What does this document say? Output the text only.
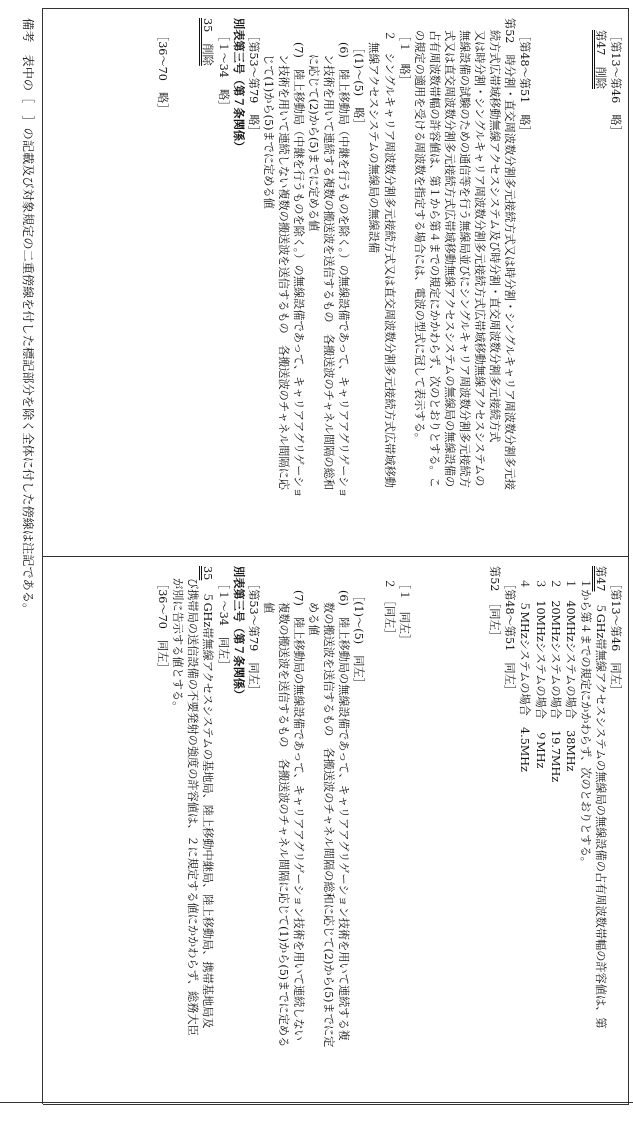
［第13～第46　略］
第47　削除
［第48～第51　略］
第52　時分割・直交周波数分割多元接続方式又は時分割・シングルキャリア周波数分割多元接
続方式広帯域移動無線アクセスシステム及び時分割・直交周波数分割多元接続方式
又は時分割・シングルキャリア周波数分割多元接続方式広帯域移動無線アクセスシステムの
無線設備の試験のための通信等を行う無線局並びにシングルキャリア周波数分割多元接続方
式又は直交周波数分割多元接続方式広帯域移動無線アクセスシステムの無線局の無線設備の
占有周波数帯幅の許容値は、第１から第４までの規定にかかわらず、次のとおりとする。こ
の規定の適用を受ける周波数を指定する場合には、電波の型式に冠して表示する。
［１　略］
２　シングルキャリア周波数分割多元接続方式又は直交周波数分割多元接続方式広帯域移動
無線アクセスシステムの無線局の無線設備
［(1)～(5)　略］
(6)　陸上移動局（中継を行うものを除く。）の無線設備であって、キャリアアグリゲーショ
ン技術を用いて連続する複数の搬送波を送信するもの　各搬送波のチャネル間隔の総和
に応じて(2)から(5)までに定める値
(7)　陸上移動局（中継を行うものを除く。）の無線設備であって、キャリアアグリゲーショ
ン技術を用いて連続しない複数の搬送波を送信するもの　各搬送波のチャネル間隔に応
じて(1)から(5)までに定める値
［第53～第79　略］
別表第三号（第７条関係）
［１～34　略］
35　削除
［36～70　略］
［第13～第46　同左］
第47　５GHz帯無線アクセスシステムの無線局の無線設備の占有周波数帯幅の許容値は、第
１から第４までの規定にかかわらず、次のとおりとする。
１　40MHzシステムの場合　38MHz
２　20MHzシステムの場合　19.7MHz
３　10MHzシステムの場合　９MHz
４　５MHzシステムの場合　4.5MHz
［第48～第51　同左］
第52　［同左］
［１　同左］
２　［同左］
［(1)～(5)　同左］
(6)　陸上移動局の無線設備であって、キャリアアグリゲーション技術を用いて連続する複
数の搬送波を送信するもの　各搬送波のチャネル間隔の総和に応じて(2)から(5)までに定
める値
(7)　陸上移動局の無線設備であって、キャリアアグリゲーション技術を用いて連続しない
複数の搬送波を送信するもの　各搬送波のチャネル間隔に応じて(1)から(5)までに定める
値
［第53～第79　同左］
別表第三号（第７条関係）
［１～34　同左］
35　５GHz帯無線アクセスシステムの基地局、陸上移動中継局、陸上移動局、携帯基地局及
び携帯局の送信設備の不要発射の強度の許容値は、２に規定する値にかかわらず、総務大臣
が別に告示する値とする。
［36～70　同左］
備考　表中の［　］の記載及び対象規定の二重傍線を付した標記部分を除く全体に付した傍線は注記である。
